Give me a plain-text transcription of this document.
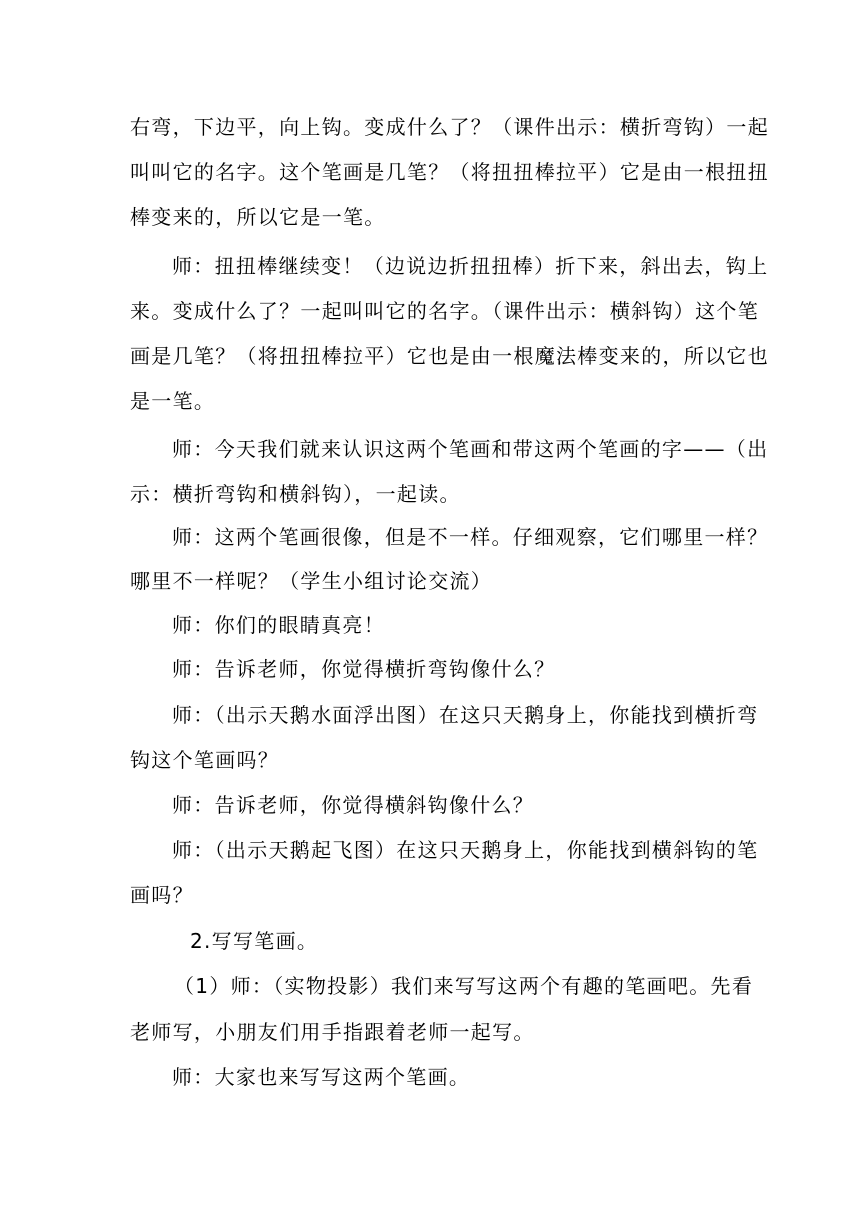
右弯，下边平，向上钩。变成什么了？（课件出示：横折弯钩）一起
叫叫它的名字。这个笔画是几笔？（将扭扭棒拉平）它是由一根扭扭
棒变来的，所以它是一笔。
师：扭扭棒继续变！（边说边折扭扭棒）折下来，斜出去，钩上
来。变成什么了？一起叫叫它的名字。（课件出示：横斜钩）这个笔
画是几笔？（将扭扭棒拉平）它也是由一根魔法棒变来的，所以它也
是一笔。
师：今天我们就来认识这两个笔画和带这两个笔画的字——（出
示：横折弯钩和横斜钩），一起读。
师：这两个笔画很像，但是不一样。仔细观察，它们哪里一样？
哪里不一样呢？（学生小组讨论交流）
师：你们的眼睛真亮！
师：告诉老师，你觉得横折弯钩像什么？
师：（出示天鹅水面浮出图）在这只天鹅身上，你能找到横折弯
钩这个笔画吗？
师：告诉老师，你觉得横斜钩像什么？
师：（出示天鹅起飞图）在这只天鹅身上，你能找到横斜钩的笔
画吗？
2.写写笔画。
（1）师：（实物投影）我们来写写这两个有趣的笔画吧。先看
老师写，小朋友们用手指跟着老师一起写。
师：大家也来写写这两个笔画。
